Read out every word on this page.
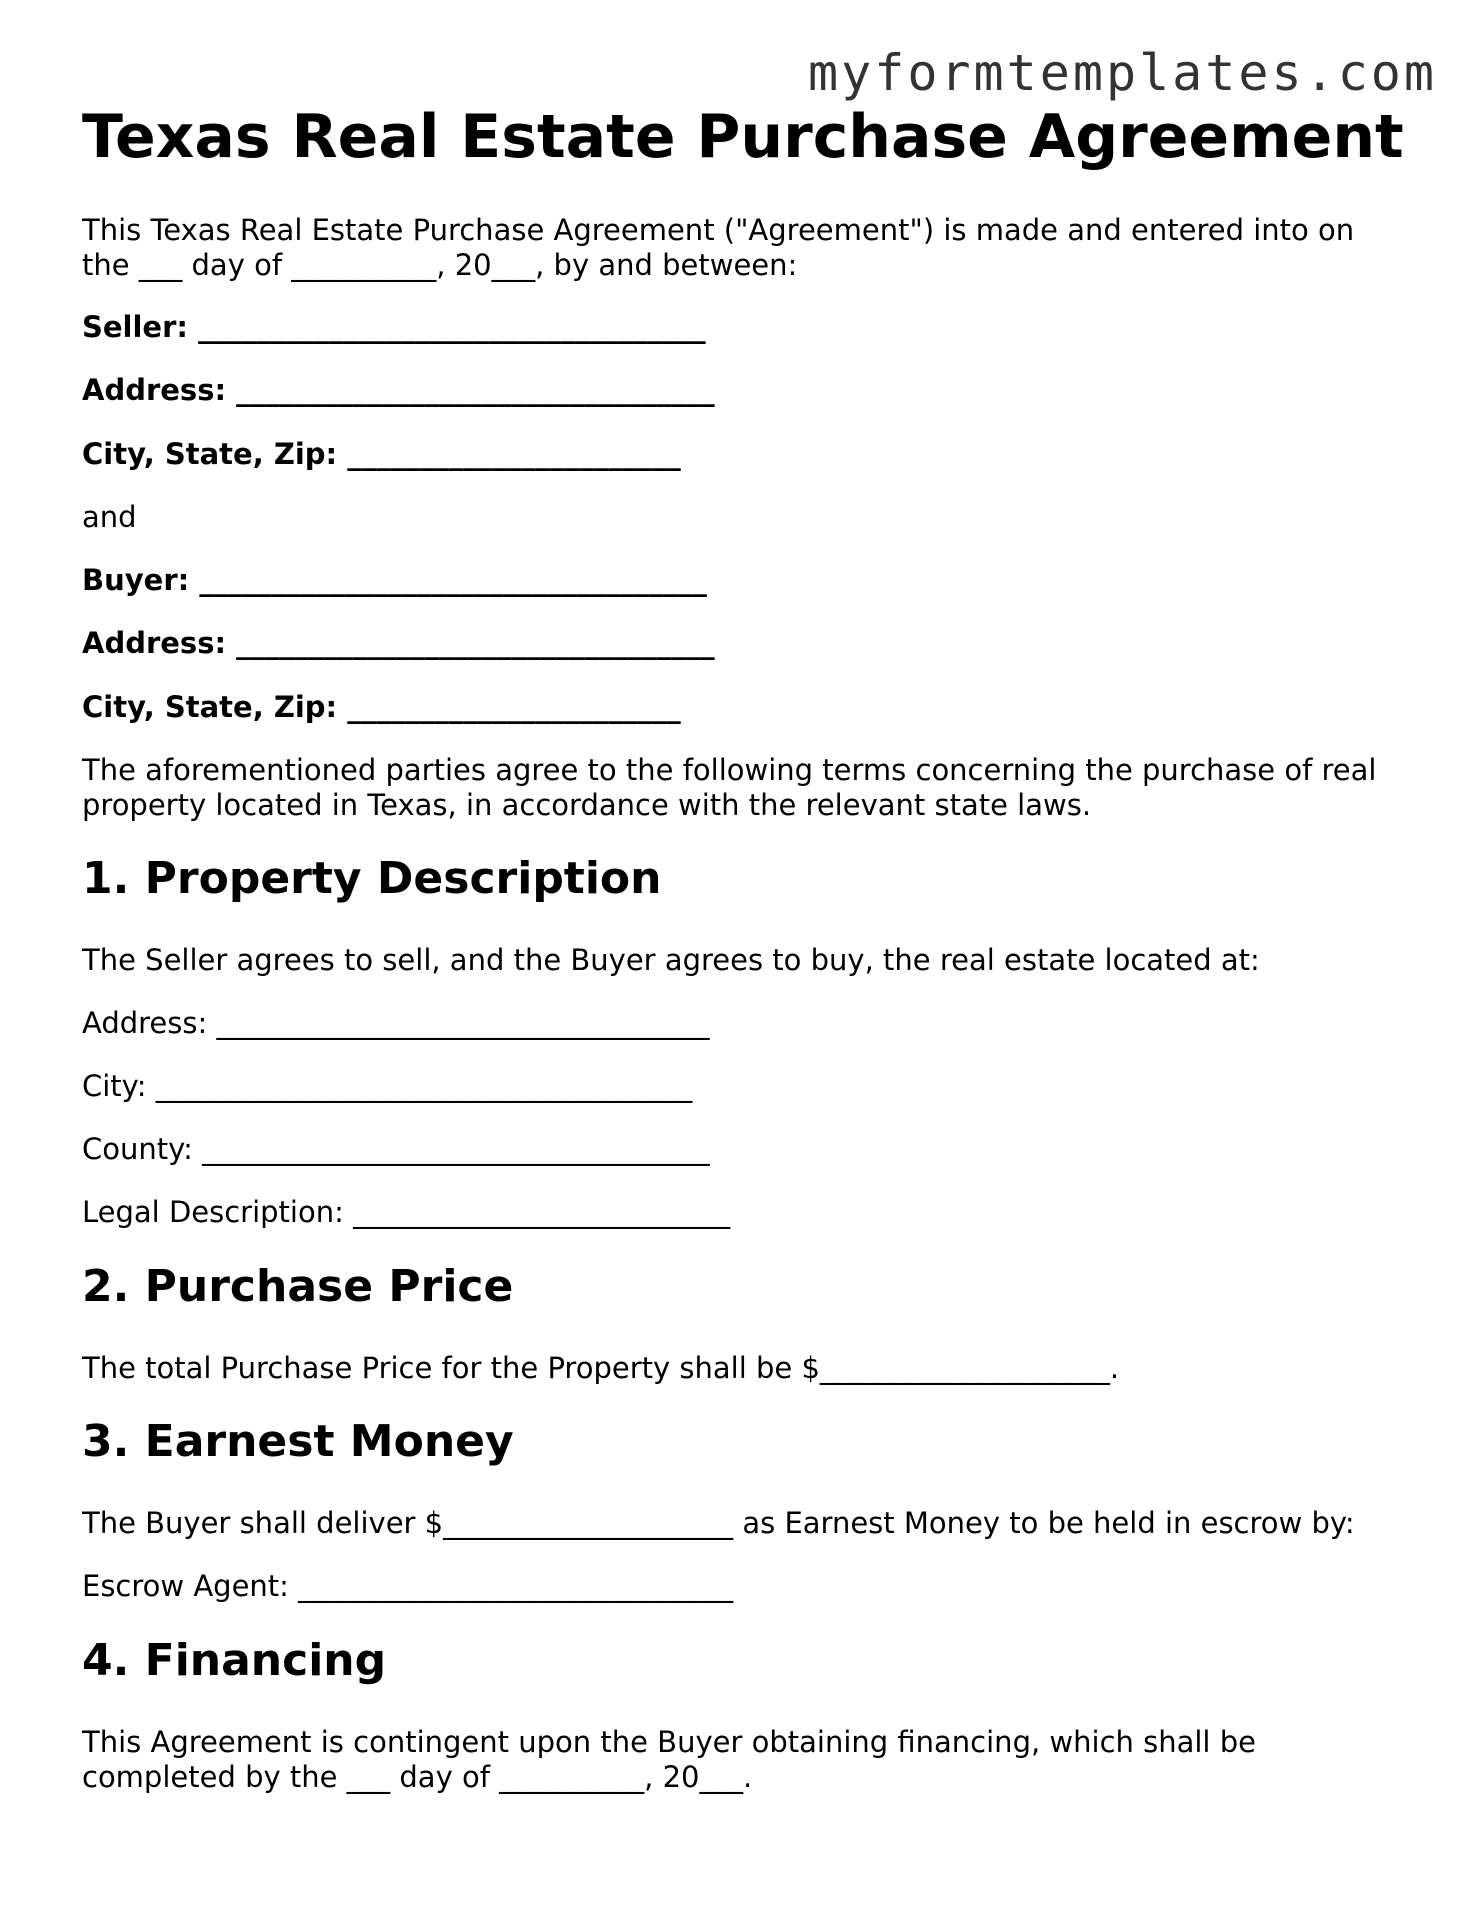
myformtemplates.com
Texas Real Estate Purchase Agreement

This Texas Real Estate Purchase Agreement ("Agreement") is made and entered into on

the ___ day of __________, 20___, by and between:

Seller: ___________________________________

Address: _________________________________

City, State, Zip: _______________________

and

Buyer: ___________________________________

Address: _________________________________

City, State, Zip: _______________________

The aforementioned parties agree to the following terms concerning the purchase of real

property located in Texas, in accordance with the relevant state laws.

1. Property Description

The Seller agrees to sell, and the Buyer agrees to buy, the real estate located at:

Address: __________________________________

City: _____________________________________

County: ___________________________________

Legal Description: __________________________

2. Purchase Price

The total Purchase Price for the Property shall be $____________________.

3. Earnest Money

The Buyer shall deliver $____________________ as Earnest Money to be held in escrow by:

Escrow Agent: ______________________________

4. Financing

This Agreement is contingent upon the Buyer obtaining financing, which shall be

completed by the ___ day of __________, 20___.
